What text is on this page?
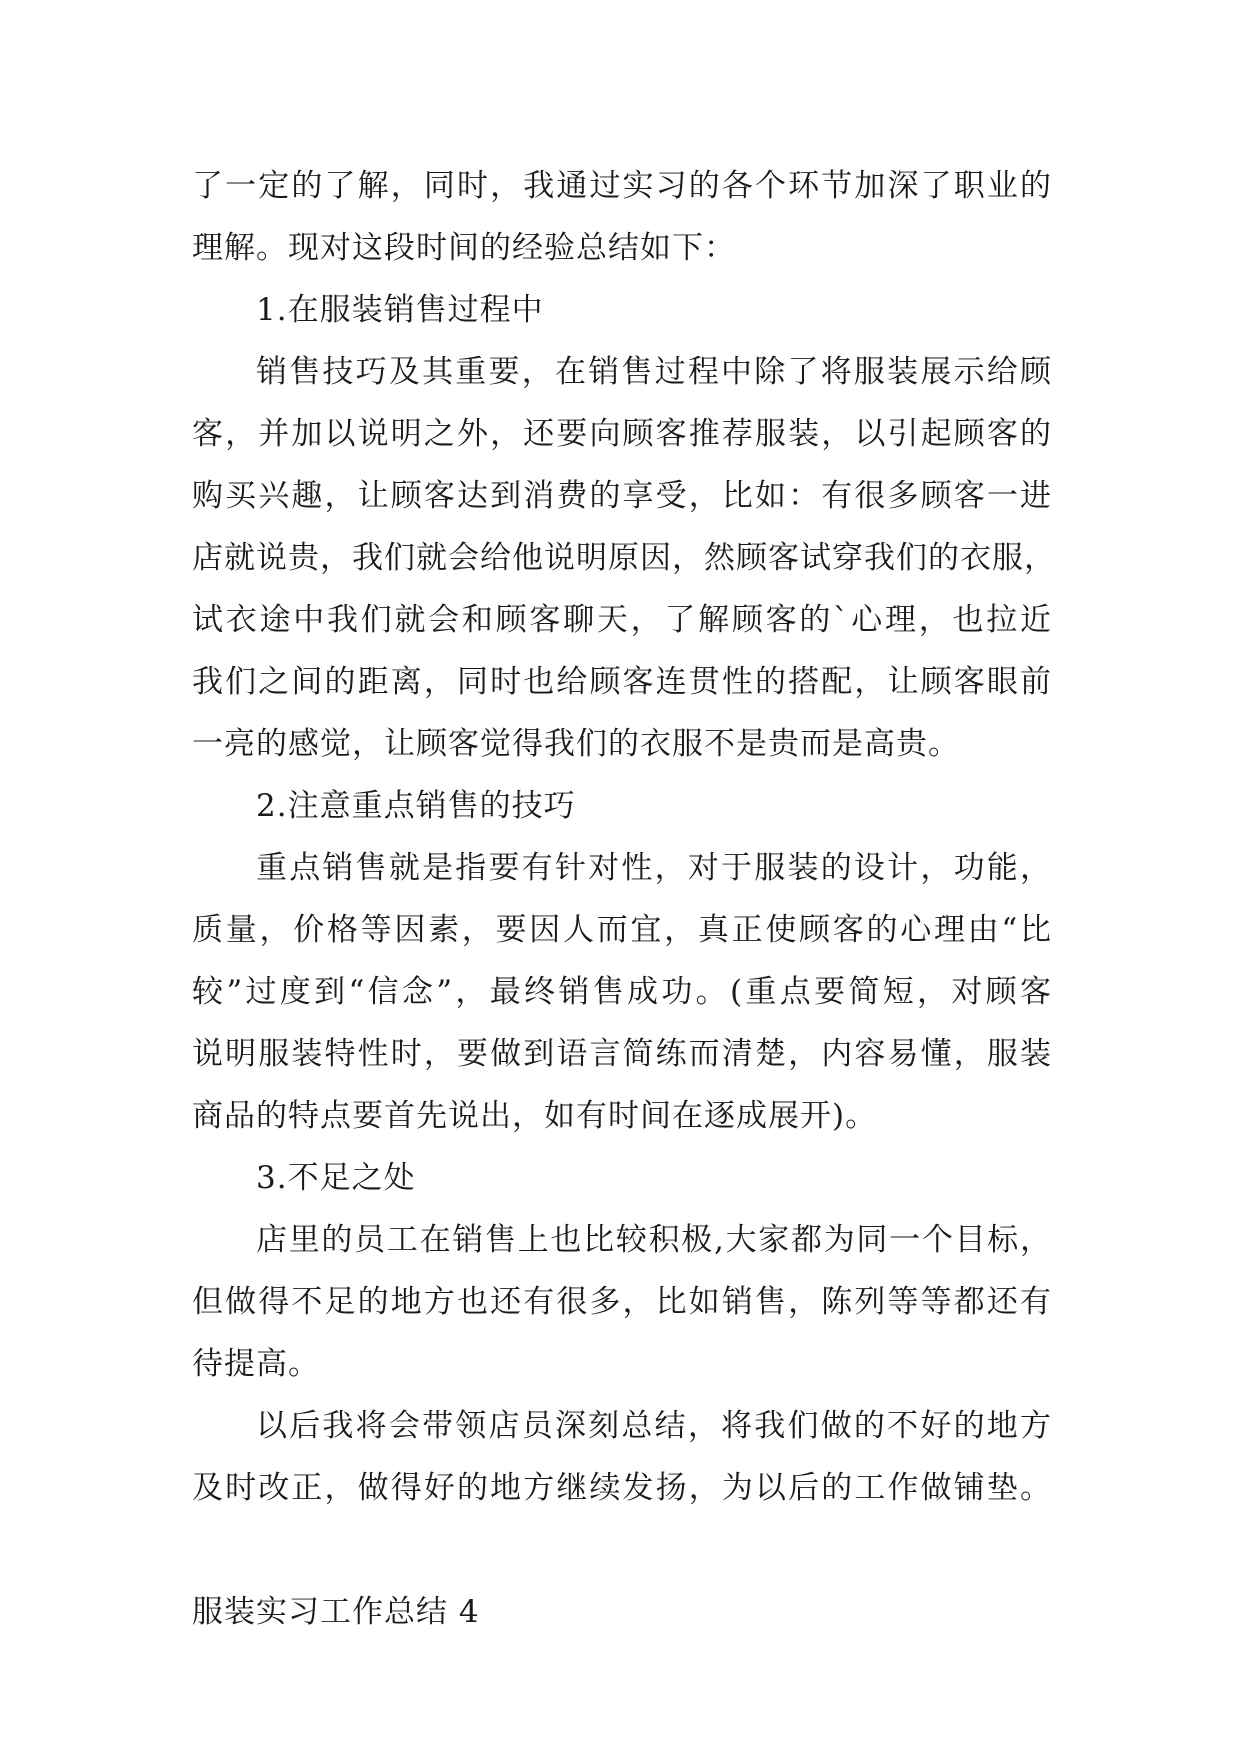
了一定的了解，同时，我通过实习的各个环节加深了职业的
理解。现对这段时间的经验总结如下：
1.在服装销售过程中
销售技巧及其重要，在销售过程中除了将服装展示给顾
客，并加以说明之外，还要向顾客推荐服装，以引起顾客的
购买兴趣，让顾客达到消费的享受，比如：有很多顾客一进
店就说贵，我们就会给他说明原因，然顾客试穿我们的衣服，
试衣途中我们就会和顾客聊天，了解顾客的`心理，也拉近
我们之间的距离，同时也给顾客连贯性的搭配，让顾客眼前
一亮的感觉，让顾客觉得我们的衣服不是贵而是高贵。
2.注意重点销售的技巧
重点销售就是指要有针对性，对于服装的设计，功能，
质量，价格等因素，要因人而宜，真正使顾客的心理由“比
较”过度到“信念”，最终销售成功。(重点要简短，对顾客
说明服装特性时，要做到语言简练而清楚，内容易懂，服装
商品的特点要首先说出，如有时间在逐成展开)。
3.不足之处
店里的员工在销售上也比较积极,大家都为同一个目标，
但做得不足的地方也还有很多，比如销售，陈列等等都还有
待提高。
以后我将会带领店员深刻总结，将我们做的不好的地方
及时改正，做得好的地方继续发扬，为以后的工作做铺垫。
服装实习工作总结 4
